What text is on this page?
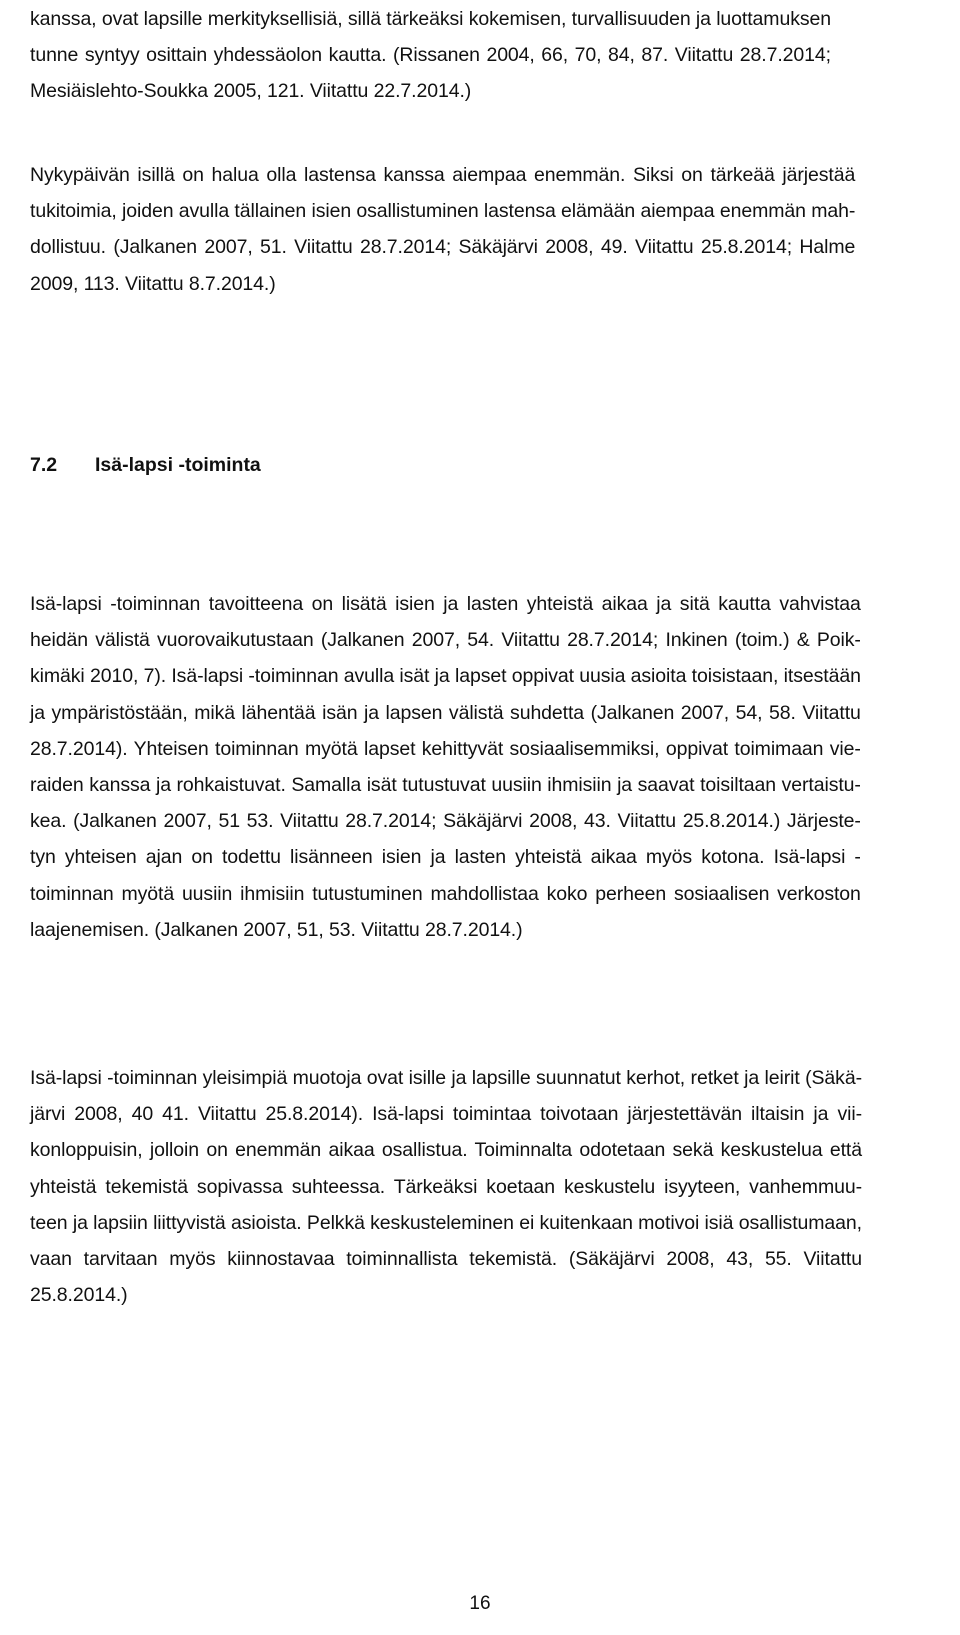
kanssa, ovat lapsille merkityksellisiä, sillä tärkeäksi kokemisen, turvallisuuden ja luottamuksen
tunne syntyy osittain yhdessäolon kautta. (Rissanen 2004, 66, 70, 84, 87. Viitattu 28.7.2014;
Mesiäislehto-Soukka 2005, 121. Viitattu 22.7.2014.)

Nykypäivän isillä on halua olla lastensa kanssa aiempaa enemmän. Siksi on tärkeää järjestää
tukitoimia, joiden avulla tällainen isien osallistuminen lastensa elämään aiempaa enemmän mah-
dollistuu. (Jalkanen 2007, 51. Viitattu 28.7.2014; Säkäjärvi 2008, 49. Viitattu 25.8.2014; Halme
2009, 113. Viitattu 8.7.2014.)

7.2 Isä-lapsi -toiminta

Isä-lapsi -toiminnan tavoitteena on lisätä isien ja lasten yhteistä aikaa ja sitä kautta vahvistaa
heidän välistä vuorovaikutustaan (Jalkanen 2007, 54. Viitattu 28.7.2014; Inkinen (toim.) & Poik-
kimäki 2010, 7). Isä-lapsi -toiminnan avulla isät ja lapset oppivat uusia asioita toisistaan, itsestään
ja ympäristöstään, mikä lähentää isän ja lapsen välistä suhdetta (Jalkanen 2007, 54, 58. Viitattu
28.7.2014). Yhteisen toiminnan myötä lapset kehittyvät sosiaalisemmiksi, oppivat toimimaan vie-
raiden kanssa ja rohkaistuvat. Samalla isät tutustuvat uusiin ihmisiin ja saavat toisiltaan vertaistu-
kea. (Jalkanen 2007, 51 53. Viitattu 28.7.2014; Säkäjärvi 2008, 43. Viitattu 25.8.2014.) Järjeste-
tyn yhteisen ajan on todettu lisänneen isien ja lasten yhteistä aikaa myös kotona. Isä-lapsi -
toiminnan myötä uusiin ihmisiin tutustuminen mahdollistaa koko perheen sosiaalisen verkoston
laajenemisen. (Jalkanen 2007, 51, 53. Viitattu 28.7.2014.)

Isä-lapsi -toiminnan yleisimpiä muotoja ovat isille ja lapsille suunnatut kerhot, retket ja leirit (Säkä-
järvi 2008, 40 41. Viitattu 25.8.2014). Isä-lapsi toimintaa toivotaan järjestettävän iltaisin ja vii-
konloppuisin, jolloin on enemmän aikaa osallistua. Toiminnalta odotetaan sekä keskustelua että
yhteistä tekemistä sopivassa suhteessa. Tärkeäksi koetaan keskustelu isyyteen, vanhemmuu-
teen ja lapsiin liittyvistä asioista. Pelkkä keskusteleminen ei kuitenkaan motivoi isiä osallistumaan,
vaan tarvitaan myös kiinnostavaa toiminnallista tekemistä. (Säkäjärvi 2008, 43, 55. Viitattu
25.8.2014.)

16
